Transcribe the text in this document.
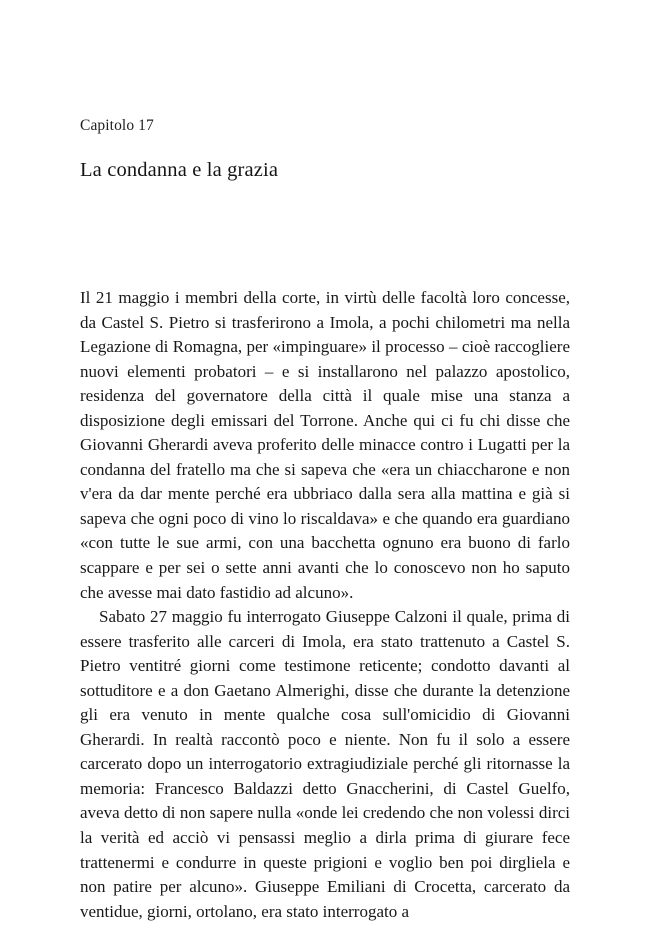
Capitolo 17
La condanna e la grazia

Il 21 maggio i membri della corte, in virtù delle facoltà loro concesse, da Castel S. Pietro si trasferirono a Imola, a pochi chilometri ma nella Legazione di Romagna, per «impinguare» il processo – cioè raccogliere nuovi elementi probatori – e si installarono nel palazzo apostolico, residenza del governatore della città il quale mise una stanza a disposizione degli emissari del Torrone. Anche qui ci fu chi disse che Giovanni Gherardi aveva proferito delle minacce contro i Lugatti per la condanna del fratello ma che si sapeva che «era un chiaccharone e non v'era da dar mente perché era ubbriaco dalla sera alla mattina e già si sapeva che ogni poco di vino lo riscaldava» e che quando era guardiano «con tutte le sue armi, con una bacchetta ognuno era buono di farlo scappare e per sei o sette anni avanti che lo conoscevo non ho saputo che avesse mai dato fastidio ad alcuno».

Sabato 27 maggio fu interrogato Giuseppe Calzoni il quale, prima di essere trasferito alle carceri di Imola, era stato trattenuto a Castel S. Pietro ventitré giorni come testimone reticente; condotto davanti al sottuditore e a don Gaetano Almerighi, disse che durante la detenzione gli era venuto in mente qualche cosa sull'omicidio di Giovanni Gherardi. In realtà raccontò poco e niente. Non fu il solo a essere carcerato dopo un interrogatorio extragiudiziale perché gli ritornasse la memoria: Francesco Baldazzi detto Gnaccherini, di Castel Guelfo, aveva detto di non sapere nulla «onde lei credendo che non volessi dirci la verità ed acciò vi pensassi meglio a dirla prima di giurare fece trattenermi e condurre in queste prigioni e voglio ben poi dirgliela e non patire per alcuno». Giuseppe Emiliani di Crocetta, carcerato da ventidue, giorni, ortolano, era stato interrogato a
